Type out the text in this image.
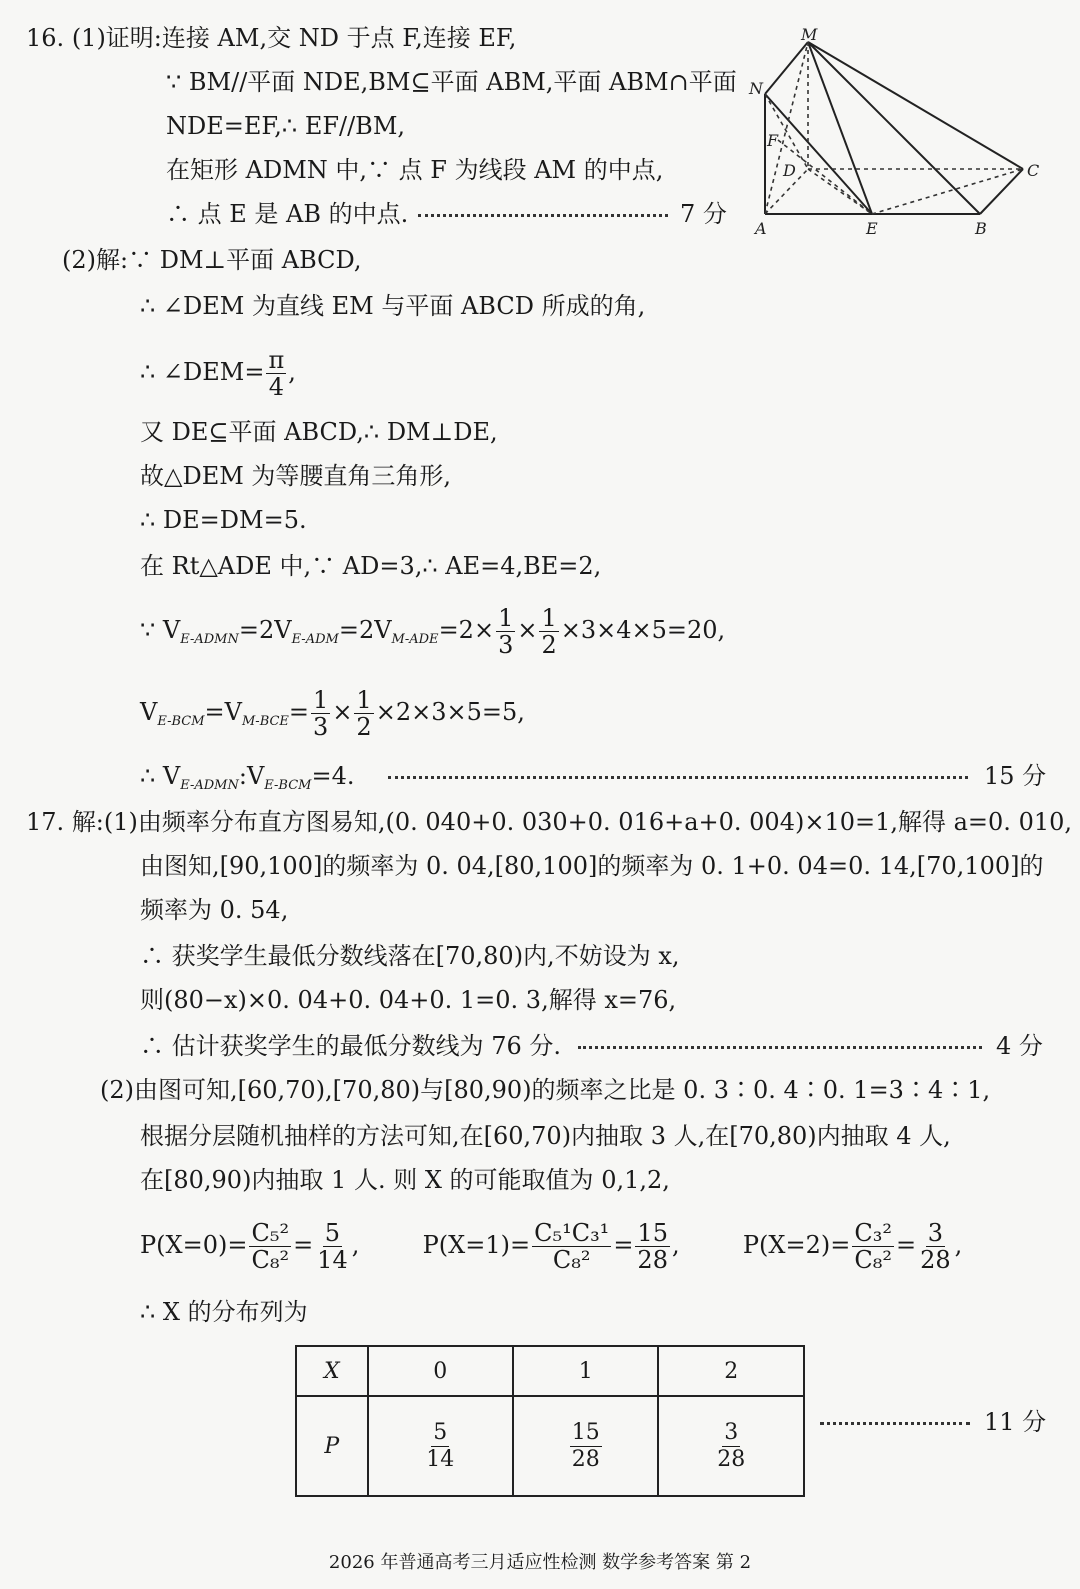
16. (1)证明:连接 AM,交 ND 于点 F,连接 EF,
∵ BM//平面 NDE,BM⊆平面 ABM,平面 ABM∩平面
NDE=EF,∴ EF//BM,
在矩形 ADMN 中,∵ 点 F 为线段 AM 的中点,
∴ 点 E 是 AB 的中点.	7 分
M
N
F
D	C
A	E	B
(2)解:∵ DM⊥平面 ABCD,
∴ ∠DEM 为直线 EM 与平面 ABCD 所成的角,
∴ ∠DEM= $\frac{\pi}{4}$ ,
又 DE⊆平面 ABCD,∴ DM⊥DE,
故△DEM 为等腰直角三角形,
∴ DE=DM=5.
在 Rt△ADE 中,∵ AD=3,∴ AE=4,BE=2,
∵ $V_{E-ADMN}=2V_{E-ADM}=2V_{M-ADE}=2\times \frac{1}{3} \times \frac{1}{2} \times 3\times 4\times 5=20$,
$V_{E-BCM}=V_{M-BCE}= \frac{1}{3} \times \frac{1}{2} \times 2\times 3\times 5=5$,
∴ $V_{E-ADMN}:V_{E-BCM}=4$.	15 分
17. 解:(1)由频率分布直方图易知,(0. 040+0. 030+0. 016+a+0. 004)×10=1,解得 a=0. 010,
由图知,[90,100]的频率为 0. 04,[80,100]的频率为 0. 1+0. 04=0. 14,[70,100]的
频率为 0. 54,
∴ 获奖学生最低分数线落在[70,80)内,不妨设为 x,
则(80−x)×0. 04+0. 04+0. 1=0. 3,解得 x=76,
∴ 估计获奖学生的最低分数线为 76 分.	4 分
(2)由图可知,[60,70),[70,80)与[80,90)的频率之比是 0. 3∶0. 4∶0. 1=3∶4∶1,
根据分层随机抽样的方法可知,在[60,70)内抽取 3 人,在[70,80)内抽取 4 人,
在[80,90)内抽取 1 人. 则 X 的可能取值为 0,1,2,
$P(X=0)= \frac{\text{C₅²}}{\text{C₈²}} = \frac{5}{14}$ ,	$P(X=1)= \frac{\text{C₅¹C₃¹}}{\text{C₈²}} = \frac{15}{28}$ ,	$P(X=2)= \frac{\text{C₃²}}{\text{C₈²}} = \frac{3}{28}$ ,
∴ X 的分布列为
X	0	1	2
P	$\frac{5}{14}$	$\frac{15}{28}$	$\frac{3}{28}$	11 分
2026 年普通高考三月适应性检测 数学参考答案 第 2
